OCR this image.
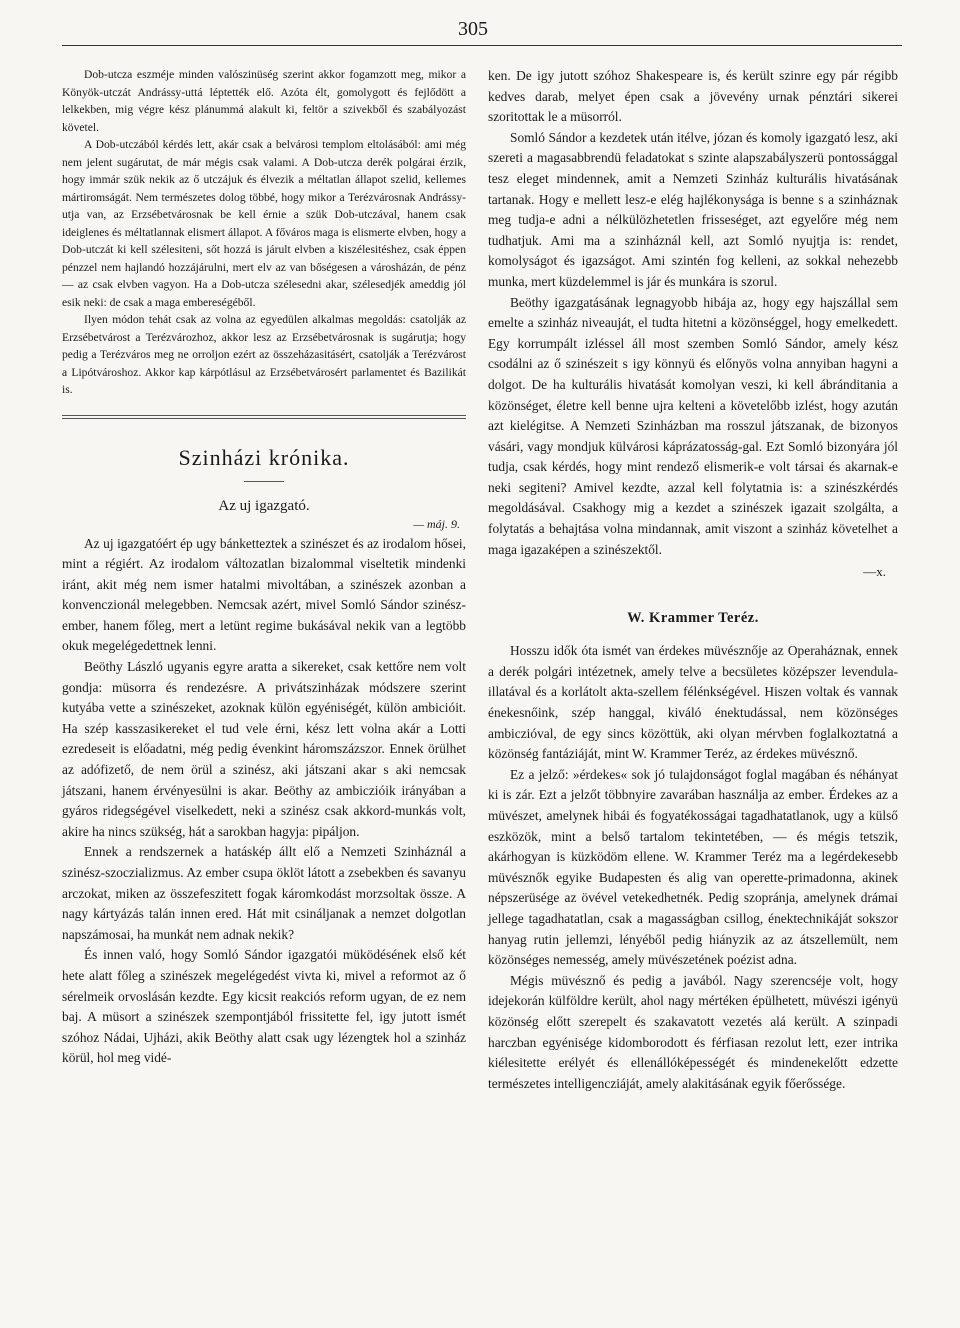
305

Dob-utcza eszméje minden valószinüség szerint akkor fogamzott meg, mikor a Könyök-utczát Andrássy-uttá léptették elő. Azóta élt, gomolygott és fejlődött a lelkekben, mig végre kész plánummá alakult ki, feltör a szivekből és szabályozást követel.

A Dob-utczából kérdés lett, akár csak a belvárosi templom eltolásából: ami még nem jelent sugárutat, de már mégis csak valami. A Dob-utcza derék polgárai érzik, hogy immár szük nekik az ő utczájuk és élvezik a méltatlan állapot szelid, kellemes mártiromságát. Nem természetes dolog többé, hogy mikor a Terézvárosnak Andrássy-utja van, az Erzsébetvárosnak be kell érnie a szük Dob-utczával, hanem csak ideiglenes és méltatlannak elismert állapot. A főváros maga is elismerte elvben, hogy a Dob-utczát ki kell szélesiteni, sőt hozzá is járult elvben a kiszélesitéshez, csak éppen pénzzel nem hajlandó hozzájárulni, mert elv az van bőségesen a városházán, de pénz — az csak elvben vagyon. Ha a Dob-utcza szélesedni akar, szélesedjék ameddig jól esik neki: de csak a maga embereségéből.

Ilyen módon tehát csak az volna az egyedülen alkalmas megoldás: csatolják az Erzsébetvárost a Terézvározhoz, akkor lesz az Erzsébetvárosnak is sugárutja; hogy pedig a Terézváros meg ne orroljon ezért az összeházasitásért, csatolják a Terézvárost a Lipótvároshoz. Akkor kap kárpótlásul az Erzsébetvárosért parlamentet és Bazilikát is.

Szinházi krónika.
Az uj igazgató.
— máj. 9.

Az uj igazgatóért ép ugy bánketteztek a szinészet és az irodalom hősei, mint a régiért. Az irodalom változatlan bizalommal viseltetik mindenki iránt, akit még nem ismer hatalmi mivoltában, a szinészek azonban a konvenczionál melegebben. Nemcsak azért, mivel Somló Sándor szinész-ember, hanem főleg, mert a letünt regime bukásával nekik van a legtöbb okuk megelégedettnek lenni.

Beöthy László ugyanis egyre aratta a sikereket, csak kettőre nem volt gondja: müsorra és rendezésre. A privátszinházak módszere szerint kutyába vette a szinészeket, azoknak külön egyéniségét, külön ambicióit. Ha szép kasszasikereket el tud vele érni, kész lett volna akár a Lotti ezredeseit is előadatni, még pedig évenkint háromszázszor. Ennek örülhet az adófizető, de nem örül a szinész, aki játszani akar s aki nemcsak játszani, hanem érvényesülni is akar. Beöthy az ambiczióik irányában a gyáros ridegségével viselkedett, neki a szinész csak akkord-munkás volt, akire ha nincs szükség, hát a sarokban hagyja: pipáljon.

Ennek a rendszernek a hatáskép állt elő a Nemzeti Szinháznál a szinész-szoczializmus. Az ember csupa öklöt látott a zsebekben és savanyu arczokat, miken az összefeszitett fogak káromkodást morzsoltak össze. A nagy kártyázás talán innen ered. Hát mit csináljanak a nemzet dolgotlan napszámosai, ha munkát nem adnak nekik?

És innen való, hogy Somló Sándor igazgatói müködésének első két hete alatt főleg a szinészek megelégedést vivta ki, mivel a reformot az ő sérelmeik orvoslásán kezdte. Egy kicsit reakciós reform ugyan, de ez nem baj. A müsort a szinészek szempontjából frissitette fel, igy jutott ismét szóhoz Nádai, Ujházi, akik Beöthy alatt csak ugy lézengtek hol a szinház körül, hol meg vidé-

ken. De igy jutott szóhoz Shakespeare is, és került szinre egy pár régibb kedves darab, melyet épen csak a jövevény urnak pénztári sikerei szoritottak le a müsorról.

Somló Sándor a kezdetek után itélve, józan és komoly igazgató lesz, aki szereti a magasabbrendü feladatokat s szinte alapszabályszerü pontossággal tesz eleget mindennek, amit a Nemzeti Szinház kulturális hivatásának tartanak. Hogy e mellett lesz-e elég hajlékonysága is benne s a szinháznak meg tudja-e adni a nélkülözhetetlen frisseséget, azt egyelőre még nem tudhatjuk. Ami ma a szinháznál kell, azt Somló nyujtja is: rendet, komolyságot és igazságot. Ami szintén fog kelleni, az sokkal nehezebb munka, mert küzdelemmel is jár és munkára is szorul.

Beöthy igazgatásának legnagyobb hibája az, hogy egy hajszállal sem emelte a szinház niveauját, el tudta hitetni a közönséggel, hogy emelkedett. Egy korrumpált izléssel áll most szemben Somló Sándor, amely kész csodálni az ő szinészeit s igy könnyü és előnyös volna annyiban hagyni a dolgot. De ha kulturális hivatását komolyan veszi, ki kell ábránditania a közönséget, életre kell benne ujra kelteni a követelőbb izlést, hogy azután azt kielégitse. A Nemzeti Szinházban ma rosszul játszanak, de bizonyos vásári, vagy mondjuk külvárosi káprázatosság-gal. Ezt Somló bizonyára jól tudja, csak kérdés, hogy mint rendező elismerik-e volt társai és akarnak-e neki segiteni? Amivel kezdte, azzal kell folytatnia is: a szinészkérdés megoldásával. Csakhogy mig a kezdet a szinészek igazait szolgálta, a folytatás a behajtása volna mindannak, amit viszont a szinház követelhet a maga igazaképen a szinészektől.

—x.
W. Krammer Teréz.

Hosszu idők óta ismét van érdekes müvésznője az Operaháznak, ennek a derék polgári intézetnek, amely telve a becsületes középszer levendula-illatával és a korlátolt akta-szellem félénkségével. Hiszen voltak és vannak énekesnőink, szép hanggal, kiváló énektudással, nem közönséges ambiczióval, de egy sincs közöttük, aki olyan mérvben foglalkoztatná a közönség fantáziáját, mint W. Krammer Teréz, az érdekes müvésznő.

Ez a jelző: »érdekes« sok jó tulajdonságot foglal magában és néhányat ki is zár. Ezt a jelzőt többnyire zavarában használja az ember. Érdekes az a müvészet, amelynek hibái és fogyatékosságai tagadhatatlanok, ugy a külső eszközök, mint a belső tartalom tekintetében, — és mégis tetszik, akárhogyan is küzködöm ellene. W. Krammer Teréz ma a legérdekesebb müvésznők egyike Budapesten és alig van operette-primadonna, akinek népszerüsége az övével vetekedhetnék. Pedig szopránja, amelynek drámai jellege tagadhatatlan, csak a magasságban csillog, énektechnikáját sokszor hanyag rutin jellemzi, lényéből pedig hiányzik az az átszellemült, nem közönséges nemesség, amely müvészetének poézist adna.

Mégis müvésznő és pedig a javából. Nagy szerencséje volt, hogy idejekorán külföldre került, ahol nagy mértéken épülhetett, müvészi igényü közönség előtt szerepelt és szakavatott vezetés alá került. A szinpadi harczban egyénisége kidomborodott és férfiasan rezolut lett, ezer intrika kiélesitette erélyét és ellenállóképességét és mindenekelőtt edzette természetes intelligencziáját, amely alakitásának egyik főerőssége.
